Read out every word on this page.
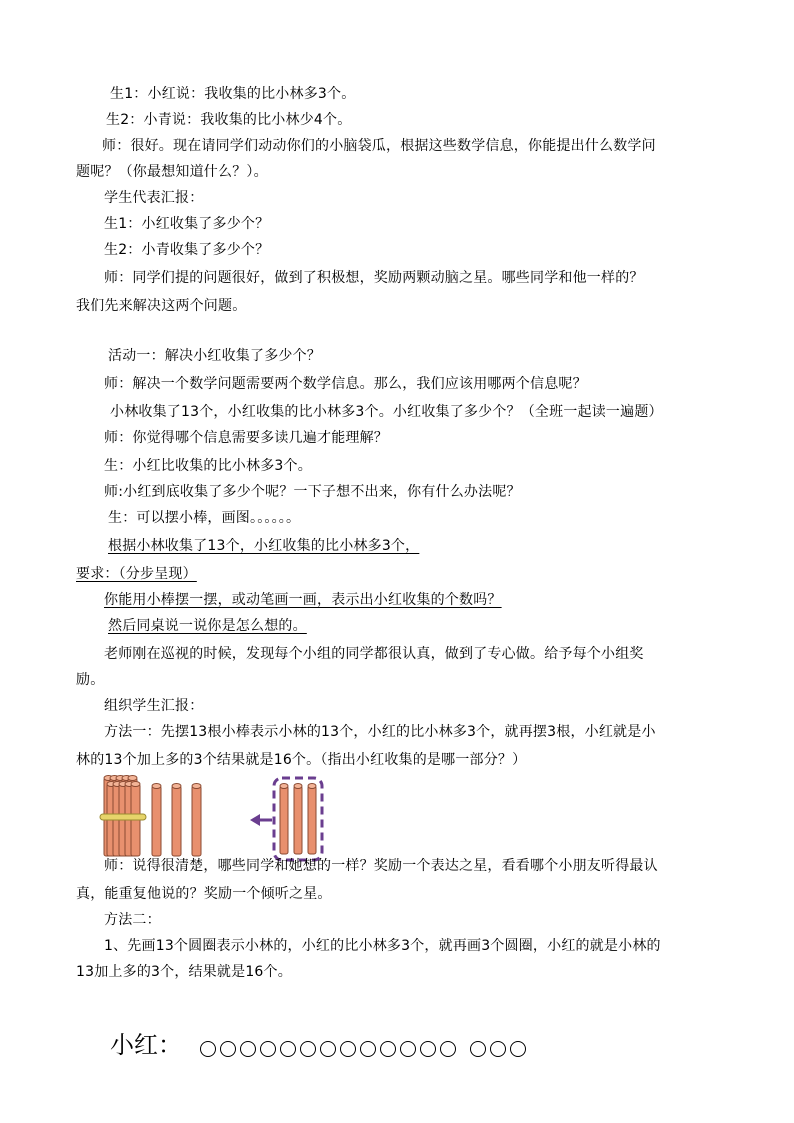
生1：小红说：我收集的比小林多3个。
生2：小青说：我收集的比小林少4个。
师：很好。现在请同学们动动你们的小脑袋瓜，根据这些数学信息，你能提出什么数学问
题呢？（你最想知道什么？）。
学生代表汇报：
生1：小红收集了多少个？
生2：小青收集了多少个？
师：同学们提的问题很好，做到了积极想，奖励两颗动脑之星。哪些同学和他一样的？
我们先来解决这两个问题。
活动一：解决小红收集了多少个？
师：解决一个数学问题需要两个数学信息。那么，我们应该用哪两个信息呢？
小林收集了13个，小红收集的比小林多3个。小红收集了多少个？（全班一起读一遍题）
师：你觉得哪个信息需要多读几遍才能理解？
生：小红比收集的比小林多3个。
师:小红到底收集了多少个呢？一下子想不出来，你有什么办法呢？
生：可以摆小棒，画图。。。。。。
根据小林收集了13个，小红收集的比小林多3个，
要求：（分步呈现）
你能用小棒摆一摆，或动笔画一画，表示出小红收集的个数吗？
然后同桌说一说你是怎么想的。
老师刚在巡视的时候，发现每个小组的同学都很认真，做到了专心做。给予每个小组奖
励。
组织学生汇报：
方法一：先摆13根小棒表示小林的13个，小红的比小林多3个，就再摆3根，小红就是小
林的13个加上多的3个结果就是16个。（指出小红收集的是哪一部分？）
师：说得很清楚，哪些同学和她想的一样？奖励一个表达之星，看看哪个小朋友听得最认
真，能重复他说的？奖励一个倾听之星。
方法二：
1、先画13个圆圈表示小林的，小红的比小林多3个，就再画3个圆圈，小红的就是小林的
13加上多的3个，结果就是16个。
小红：
